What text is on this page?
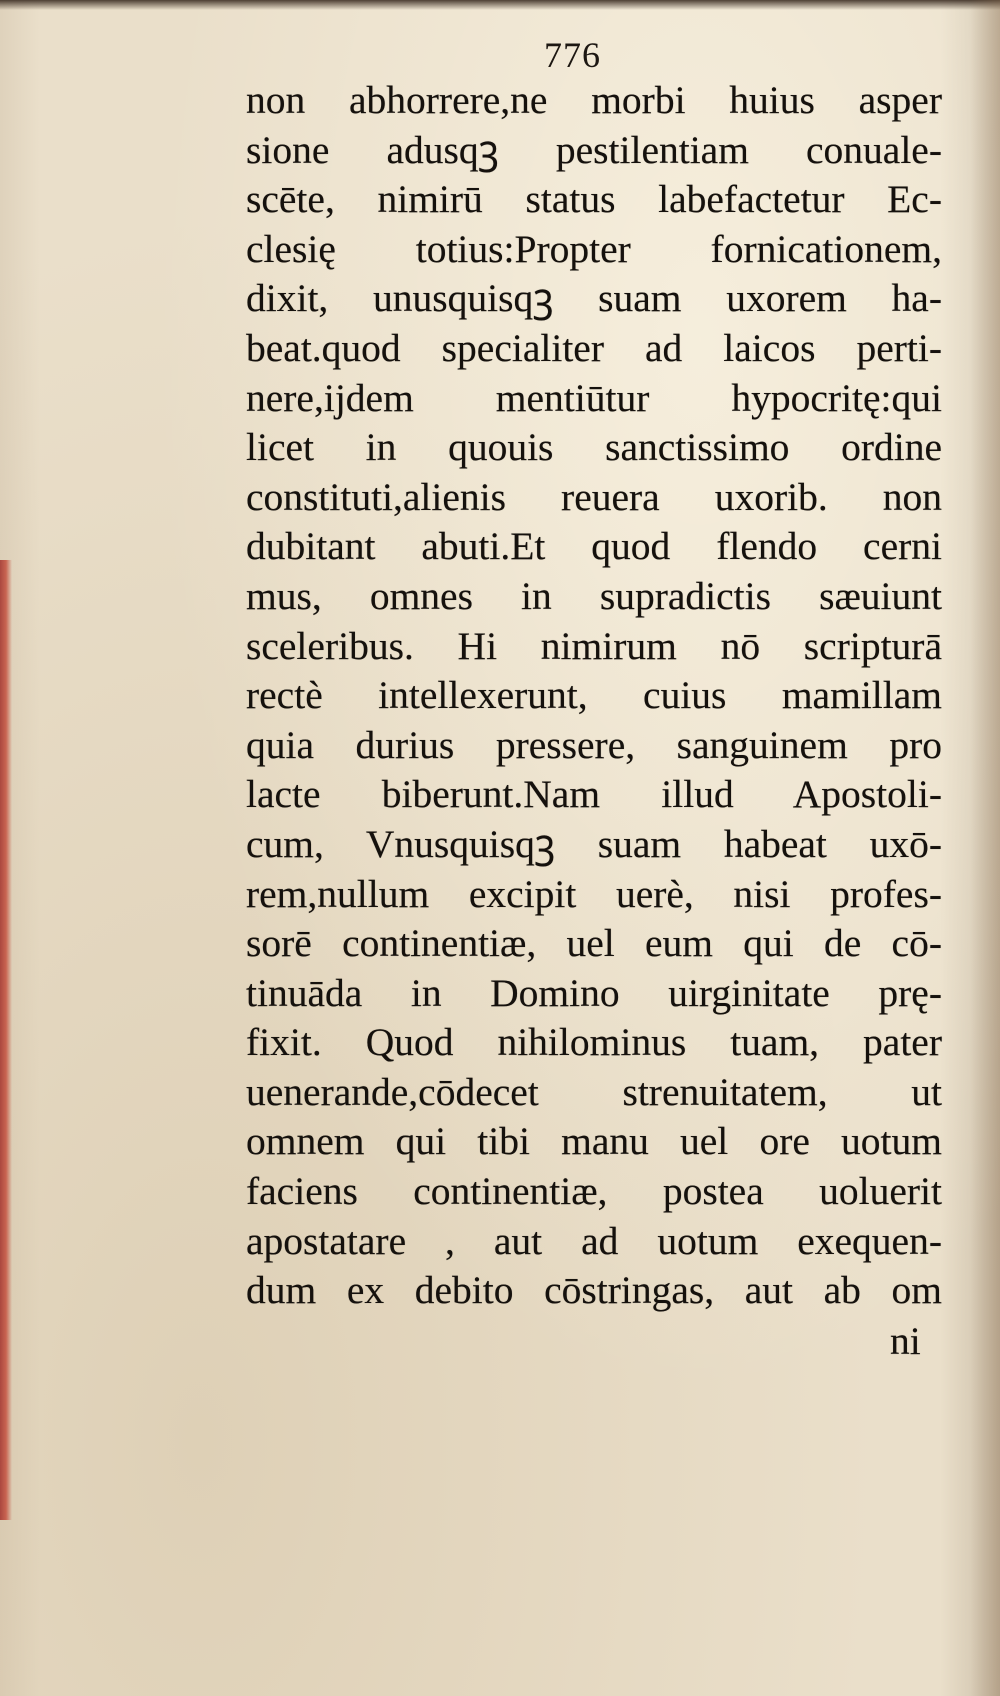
776
non abhorrere,ne morbi huius asper
sione adusqꝫ pestilentiam conuale-
scēte, nimirū status labefactetur Ec-
clesię totius:Propter fornicationem,
dixit, unusquisqꝫ suam uxorem ha-
beat.quod specialiter ad laicos perti-
nere,ijdem mentiūtur hypocritę:qui
licet in quouis sanctissimo ordine
constituti,alienis reuera uxorib. non
dubitant abuti.Et quod flendo cerni
mus, omnes in supradictis sæuiunt
sceleribus. Hi nimirum nō scripturā
rectè intellexerunt, cuius mamillam
quia durius pressere, sanguinem pro
lacte biberunt.Nam illud Apostoli-
cum, Vnusquisqꝫ suam habeat uxō-
rem,nullum excipit uerè, nisi profes-
sorē continentiæ, uel eum qui de cō-
tinuāda in Domino uirginitate prę-
fixit. Quod nihilominus tuam, pater
uenerande,cōdecet strenuitatem, ut
omnem qui tibi manu uel ore uotum
faciens continentiæ, postea uoluerit
apostatare , aut ad uotum exequen-
dum ex debito cōstringas, aut ab om
ni
